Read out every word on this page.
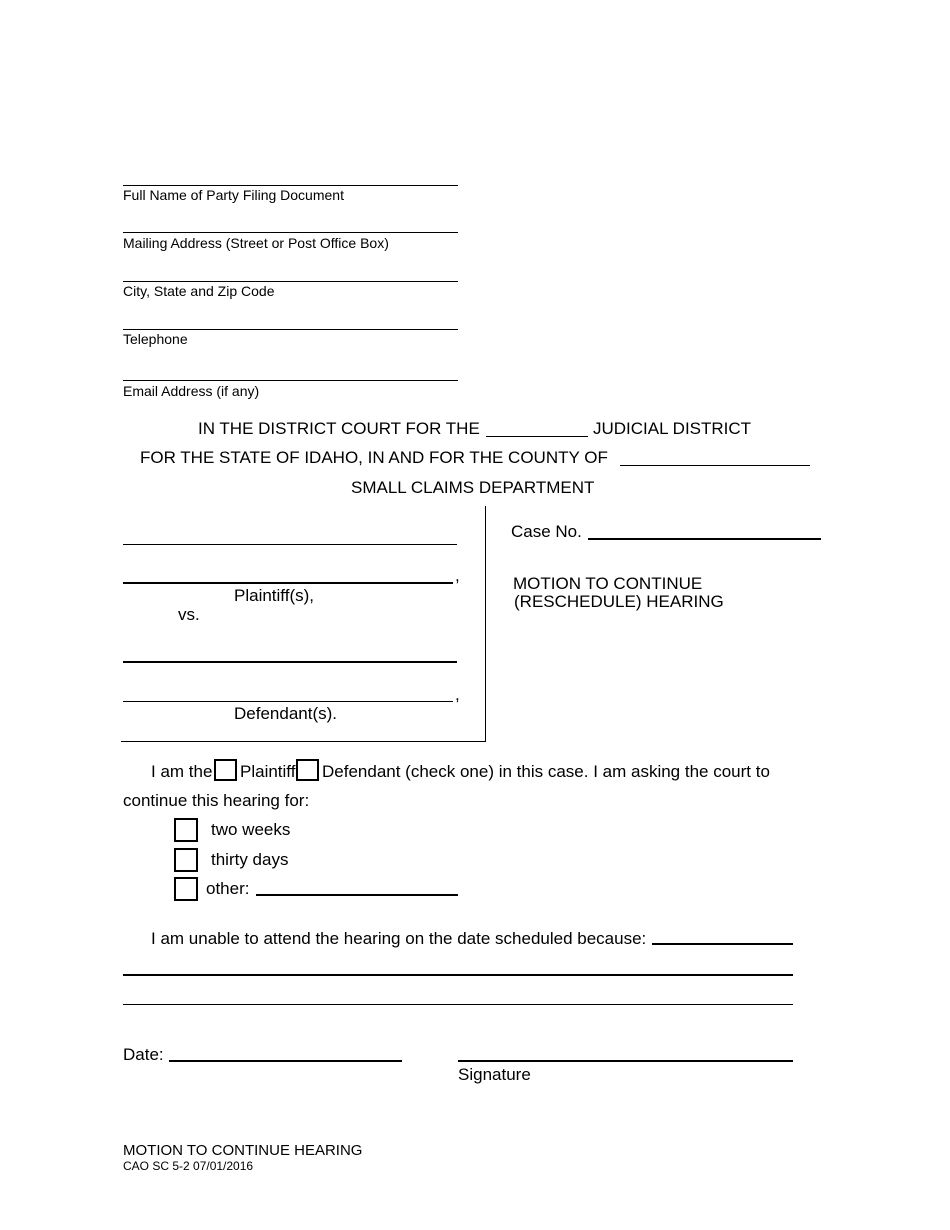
Full Name of Party Filing Document
Mailing Address (Street or Post Office Box)
City, State and Zip Code
Telephone
Email Address (if any)
IN THE DISTRICT COURT FOR THE	JUDICIAL DISTRICT
FOR THE STATE OF IDAHO, IN AND FOR THE COUNTY OF
SMALL CLAIMS DEPARTMENT
,
Plaintiff(s),
vs.
,
Defendant(s).
Case No.
MOTION TO CONTINUE
(RESCHEDULE) HEARING
I am the Plaintiff Defendant (check one) in this case. I am asking the court to
continue this hearing for:
two weeks
thirty days
other:
I am unable to attend the hearing on the date scheduled because:
Date:
Signature
MOTION TO CONTINUE HEARING
CAO SC 5-2 07/01/2016
